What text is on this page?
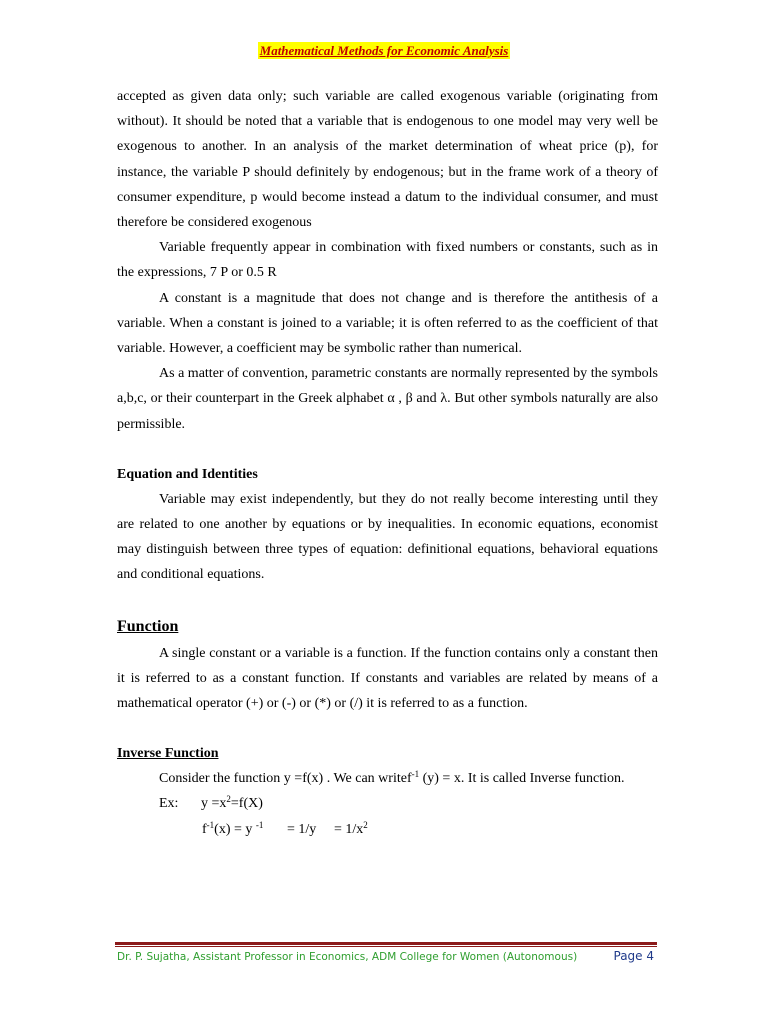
Mathematical Methods for Economic Analysis

accepted as given data only; such variable are called exogenous variable (originating from without). It should be noted that a variable that is endogenous to one model may very well be exogenous to another. In an analysis of the market determination of wheat price (p), for instance, the variable P should definitely by endogenous; but in the frame work of a theory of consumer expenditure, p would become instead a datum to the individual consumer, and must therefore be considered exogenous

Variable frequently appear in combination with fixed numbers or constants, such as in the expressions, 7 P or 0.5 R

A constant is a magnitude that does not change and is therefore the antithesis of a variable. When a constant is joined to a variable; it is often referred to as the coefficient of that variable. However, a coefficient may be symbolic rather than numerical.

As a matter of convention, parametric constants are normally represented by the symbols a,b,c, or their counterpart in the Greek alphabet α , β and λ. But other symbols naturally are also permissible.

Equation and Identities

Variable may exist independently, but they do not really become interesting until they are related to one another by equations or by inequalities. In economic equations, economist may distinguish between three types of equation: definitional equations, behavioral equations and conditional equations.

Function

A single constant or a variable is a function. If the function contains only a constant then it is referred to as a constant function. If constants and variables are related by means of a mathematical operator (+) or (-) or (*) or (/) it is referred to as a function.

Inverse Function
Consider the function y =f(x) . We can writef$^{-1}$ (y) = x. It is called Inverse function.
Ex:	$y =x^2=f(X)$
$f^{-1}(x) = y$ $^{-1}$	= 1/y	= $1/x^2$
Dr. P. Sujatha, Assistant Professor in Economics, ADM College for Women (Autonomous)	Page 4
